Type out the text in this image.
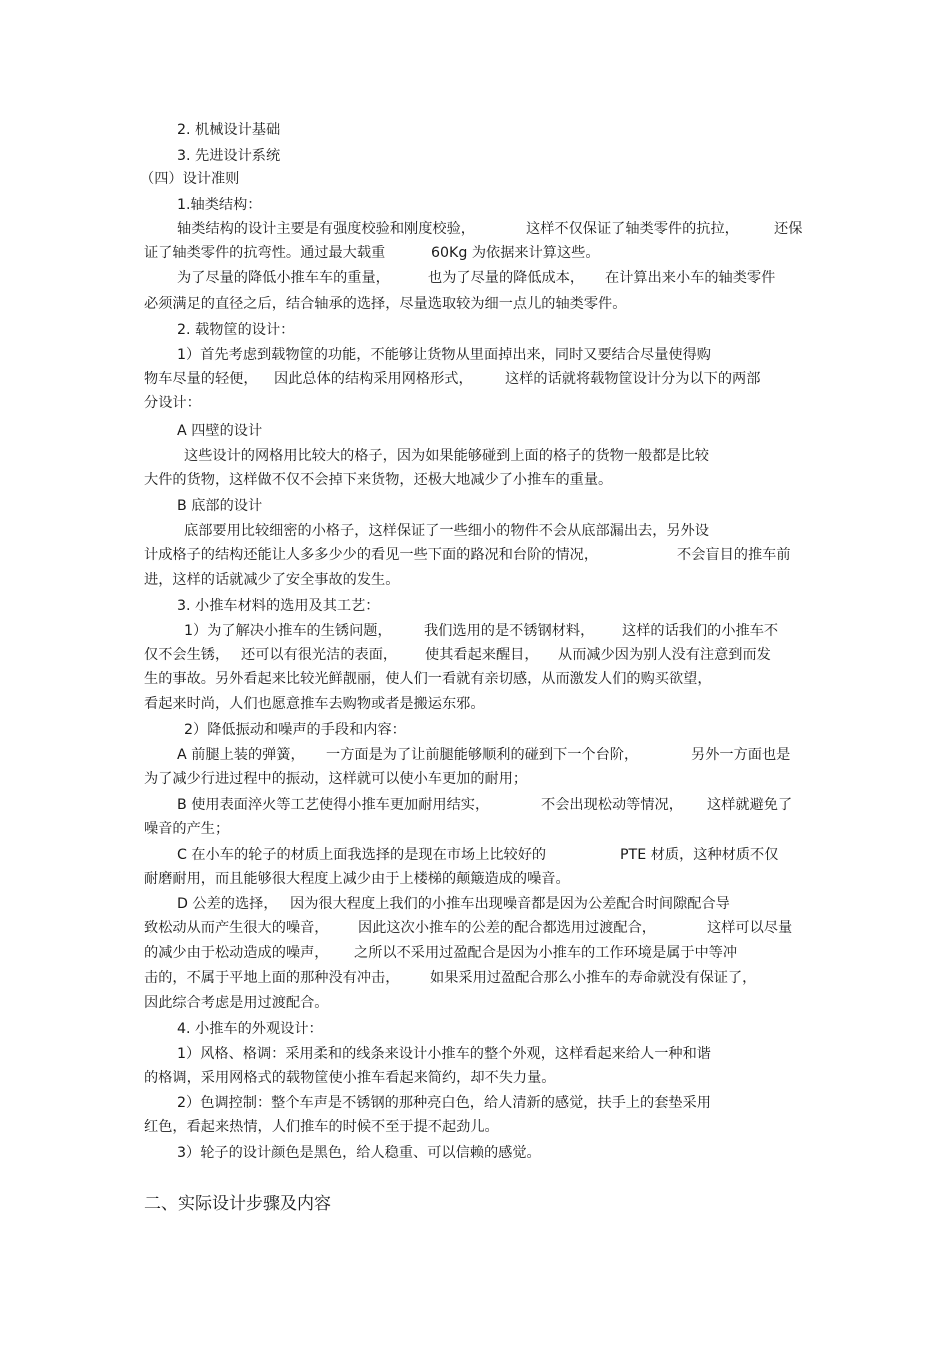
2. 机械设计基础

3. 先进设计系统

（四）设计准则

1.轴类结构：

轴类结构的设计主要是有强度校验和刚度校验，	这样不仅保证了轴类零件的抗拉， 还保

证了轴类零件的抗弯性。通过最大载重	60Kg 为依据来计算这些。

为了尽量的降低小推车车的重量，	也为了尽量的降低成本， 在计算出来小车的轴类零件

必须满足的直径之后，结合轴承的选择，尽量选取较为细一点儿的轴类零件。

2. 载物筐的设计：

1）首先考虑到载物筐的功能，不能够让货物从里面掉出来，同时又要结合尽量使得购

物车尽量的轻便， 因此总体的结构采用网格形式， 这样的话就将载物筐设计分为以下的两部

分设计：

A 四壁的设计

这些设计的网格用比较大的格子，因为如果能够碰到上面的格子的货物一般都是比较

大件的货物，这样做不仅不会掉下来货物，还极大地减少了小推车的重量。

B 底部的设计

底部要用比较细密的小格子，这样保证了一些细小的物件不会从底部漏出去，另外设

计成格子的结构还能让人多多少少的看见一些下面的路况和台阶的情况，	不会盲目的推车前

进，这样的话就减少了安全事故的发生。

3. 小推车材料的选用及其工艺：

1）为了解决小推车的生锈问题， 我们选用的是不锈钢材料， 这样的话我们的小推车不

仅不会生锈， 还可以有很光洁的表面， 使其看起来醒目， 从而减少因为别人没有注意到而发

生的事故。另外看起来比较光鲜靓丽，使人们一看就有亲切感，从而激发人们的购买欲望，

看起来时尚，人们也愿意推车去购物或者是搬运东邪。

2）降低振动和噪声的手段和内容：

A 前腿上装的弹簧， 一方面是为了让前腿能够顺利的碰到下一个台阶，	另外一方面也是

为了减少行进过程中的振动，这样就可以使小车更加的耐用；

B 使用表面淬火等工艺使得小推车更加耐用结实，	不会出现松动等情况， 这样就避免了

噪音的产生；

C 在小车的轮子的材质上面我选择的是现在市场上比较好的	PTE 材质，这种材质不仅

耐磨耐用，而且能够很大程度上减少由于上楼梯的颠簸造成的噪音。

D 公差的选择， 因为很大程度上我们的小推车出现噪音都是因为公差配合时间隙配合导

致松动从而产生很大的噪音， 因此这次小推车的公差的配合都选用过渡配合，	这样可以尽量

的减少由于松动造成的噪声， 之所以不采用过盈配合是因为小推车的工作环境是属于中等冲

击的，不属于平地上面的那种没有冲击， 如果采用过盈配合那么小推车的寿命就没有保证了，

因此综合考虑是用过渡配合。

4. 小推车的外观设计：

1）风格、格调：采用柔和的线条来设计小推车的整个外观，这样看起来给人一种和谐

的格调，采用网格式的载物筐使小推车看起来简约，却不失力量。

2）色调控制：整个车声是不锈钢的那种亮白色，给人清新的感觉，扶手上的套垫采用

红色，看起来热情，人们推车的时候不至于提不起劲儿。

3）轮子的设计颜色是黑色，给人稳重、可以信赖的感觉。

二、实际设计步骤及内容
